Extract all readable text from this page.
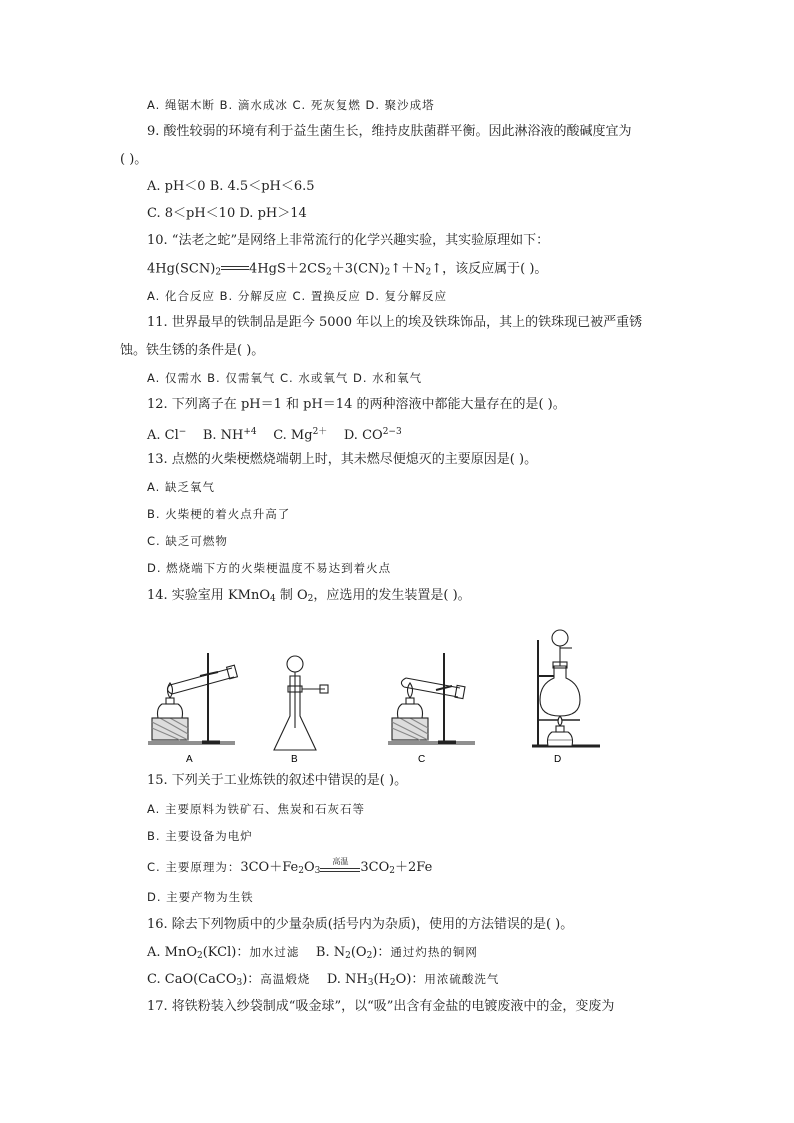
A. 绳锯木断 B. 滴水成冰 C. 死灰复燃 D. 聚沙成塔
9. 酸性较弱的环境有利于益生菌生长，维持皮肤菌群平衡。因此淋浴液的酸碱度宜为
( )。
A. pH＜0 B. 4.5＜pH＜6.5
C. 8＜pH＜10 D. pH＞14
10. “法老之蛇”是网络上非常流行的化学兴趣实验，其实验原理如下：
$4Hg(SCN)_2$ $4HgS+2CS_2+3(CN)_2↑+N_2↑$，该反应属于( )。
A. 化合反应 B. 分解反应 C. 置换反应 D. 复分解反应
11. 世界最早的铁制品是距今 5000 年以上的埃及铁珠饰品，其上的铁珠现已被严重锈
蚀。铁生锈的条件是( )。
A. 仅需水 B. 仅需氧气 C. 水或氧气 D. 水和氧气
12. 下列离子在 pH＝1 和 pH＝14 的两种溶液中都能大量存在的是( )。
A. Cl− B. $NH^{+4}$ C. $Mg^{2+}$ D. $CO^{2-3}$
13. 点燃的火柴梗燃烧端朝上时，其未燃尽便熄灭的主要原因是( )。
A. 缺乏氧气
B. 火柴梗的着火点升高了
C. 缺乏可燃物
D. 燃烧端下方的火柴梗温度不易达到着火点
14. 实验室用 KMnO$_4$ 制 $O_2$，应选用的发生装置是( )。
A	B	C	D
15. 下列关于工业炼铁的叙述中错误的是( )。
A. 主要原料为铁矿石、焦炭和石灰石等
B. 主要设备为电炉
C. 主要原理为：$3CO+Fe_2O_3$
高温 $3CO_2+2Fe$
D. 主要产物为生铁
16. 除去下列物质中的少量杂质(括号内为杂质)，使用的方法错误的是( )。
A. MnO$_2$(KCl)：加水过滤 B. $N_2(O_2)$：通过灼热的铜网
C. CaO(CaCO$_3$)：高温煅烧 D. $NH_3(H_2O)$：用浓硫酸洗气
17. 将铁粉装入纱袋制成“吸金球”，以“吸”出含有金盐的电镀废液中的金，变废为
